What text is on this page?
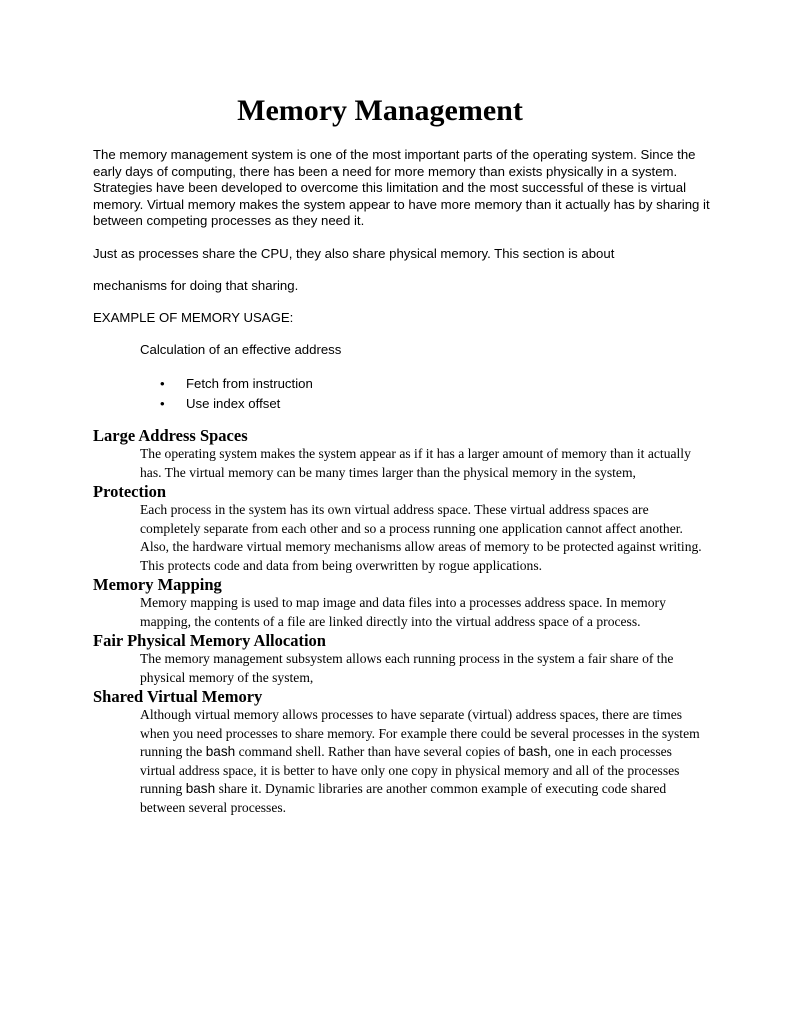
Memory Management

The memory management system is one of the most important parts of the operating system. Since the early days of computing, there has been a need for more memory than exists physically in a system. Strategies have been developed to overcome this limitation and the most successful of these is virtual memory. Virtual memory makes the system appear to have more memory than it actually has by sharing it between competing processes as they need it.

Just as processes share the CPU, they also share physical memory. This section is about
mechanisms for doing that sharing.
EXAMPLE OF MEMORY USAGE:
Calculation of an effective address
• Fetch from instruction
• Use index offset

Large Address Spaces

The operating system makes the system appear as if it has a larger amount of memory than it actually has. The virtual memory can be many times larger than the physical memory in the system,

Protection

Each process in the system has its own virtual address space. These virtual address spaces are completely separate from each other and so a process running one application cannot affect another. Also, the hardware virtual memory mechanisms allow areas of memory to be protected against writing. This protects code and data from being overwritten by rogue applications.

Memory Mapping

Memory mapping is used to map image and data files into a processes address space. In memory mapping, the contents of a file are linked directly into the virtual address space of a process.

Fair Physical Memory Allocation

The memory management subsystem allows each running process in the system a fair share of the physical memory of the system,

Shared Virtual Memory

Although virtual memory allows processes to have separate (virtual) address spaces, there are times when you need processes to share memory. For example there could be several processes in the system running the bash command shell. Rather than have several copies of bash, one in each processes virtual address space, it is better to have only one copy in physical memory and all of the processes running bash share it. Dynamic libraries are another common example of executing code shared between several processes.
